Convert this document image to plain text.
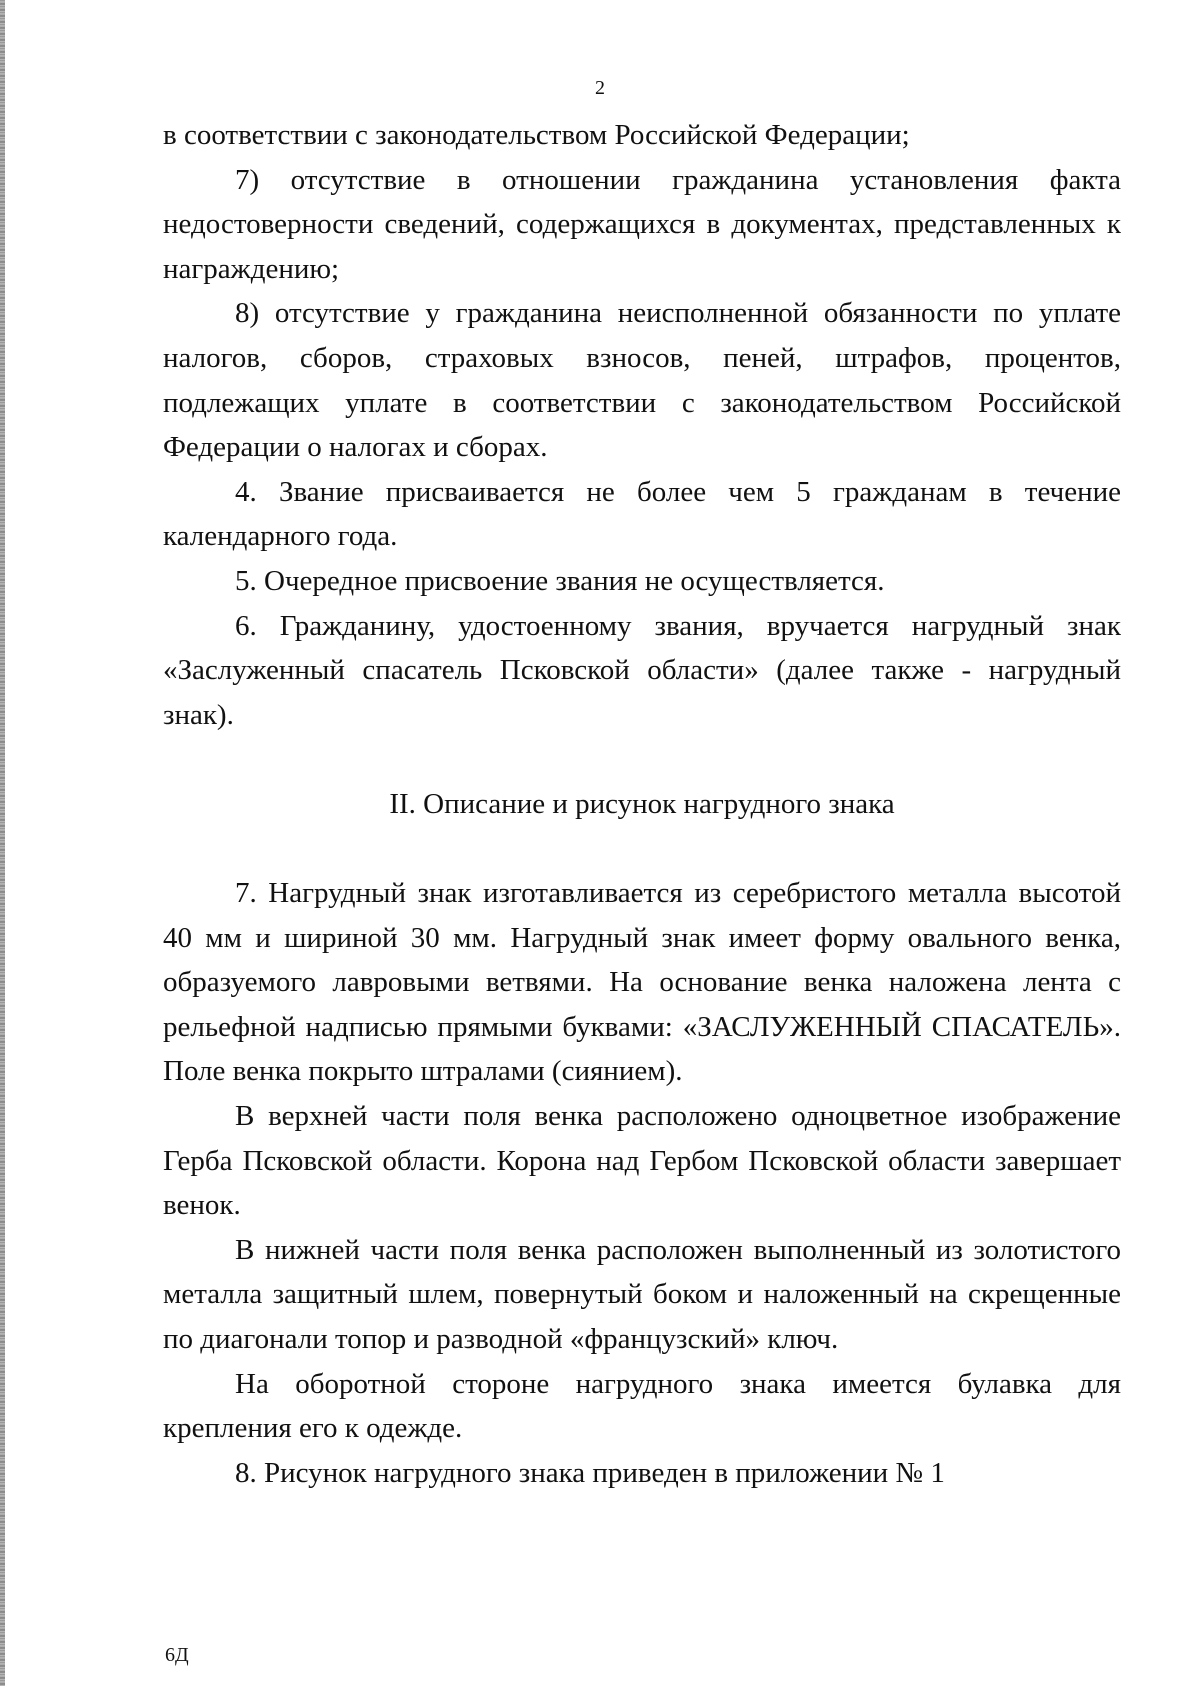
2

в соответствии с законодательством Российской Федерации;

7) отсутствие в отношении гражданина установления факта недостоверности сведений, содержащихся в документах, представленных к награждению;

8) отсутствие у гражданина неисполненной обязанности по уплате налогов, сборов, страховых взносов, пеней, штрафов, процентов, подлежащих уплате в соответствии с законодательством Российской Федерации о налогах и сборах.

4. Звание присваивается не более чем 5 гражданам в течение календарного года.

5. Очередное присвоение звания не осуществляется.

6. Гражданину, удостоенному звания, вручается нагрудный знак «Заслуженный спасатель Псковской области» (далее также - нагрудный знак).

II. Описание и рисунок нагрудного знака

7. Нагрудный знак изготавливается из серебристого металла высотой 40 мм и шириной 30 мм. Нагрудный знак имеет форму овального венка, образуемого лавровыми ветвями. На основание венка наложена лента с рельефной надписью прямыми буквами: «ЗАСЛУЖЕННЫЙ СПАСАТЕЛЬ». Поле венка покрыто штралами (сиянием).

В верхней части поля венка расположено одноцветное изображение Герба Псковской области. Корона над Гербом Псковской области завершает венок.

В нижней части поля венка расположен выполненный из золотистого металла защитный шлем, повернутый боком и наложенный на скрещенные по диагонали топор и разводной «французский» ключ.

На оборотной стороне нагрудного знака имеется булавка для крепления его к одежде.

8. Рисунок нагрудного знака приведен в приложении № 1

6Д
